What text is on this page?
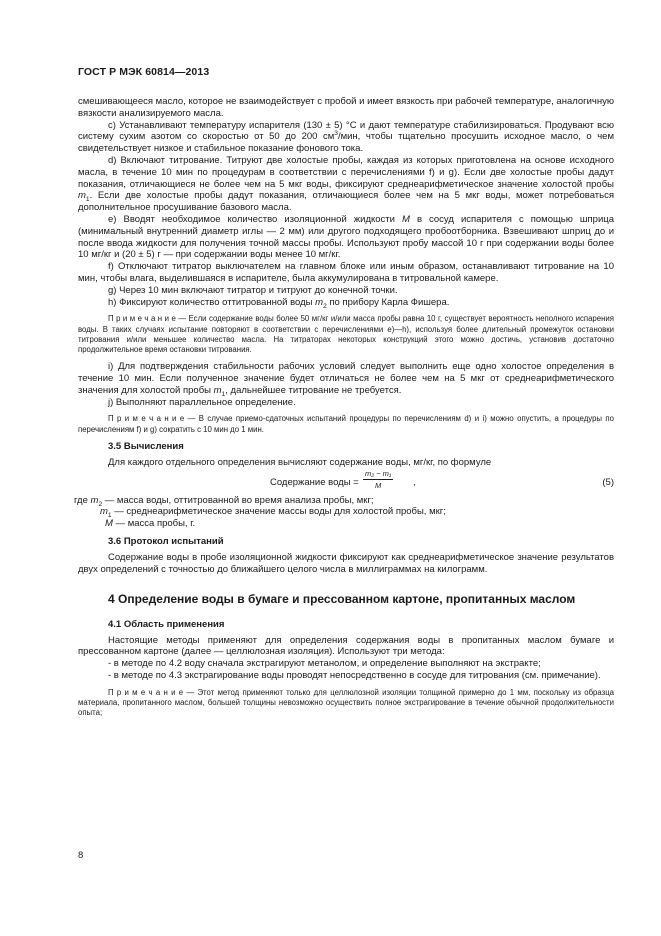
ГОСТ Р МЭК 60814—2013

смешивающееся масло, которое не взаимодействует с пробой и имеет вязкость при рабочей температуре, аналогичную вязкости анализируемого масла.

c) Устанавливают температуру испарителя (130 ± 5) °С и дают температуре стабилизироваться. Продувают всю систему сухим азотом со скоростью от 50 до 200 $см^3$/мин, чтобы тщательно просушить исходное масло, о чем свидетельствует низкое и стабильное показание фонового тока.

d) Включают титрование. Титруют две холостые пробы, каждая из которых приготовлена на основе исходного масла, в течение 10 мин по процедурам в соответствии с перечислениями f) и g). Если две холостые пробы дадут показания, отличающиеся не более чем на 5 мкг воды, фиксируют среднеарифметическое значение холостой пробы $m_1$. Если две холостые пробы дадут показания, отличающиеся более чем на 5 мкг воды, может потребоваться дополнительное просушивание базового масла.

e) Вводят необходимое количество изоляционной жидкости М в сосуд испарителя с помощью шприца (минимальный внутренний диаметр иглы — 2 мм) или другого подходящего пробоотборника. Взвешивают шприц до и после ввода жидкости для получения точной массы пробы. Используют пробу массой 10 г при содержании воды более 10 мг/кг и (20 ± 5) г — при содержании воды менее 10 мг/кг.

f) Отключают титратор выключателем на главном блоке или иным образом, останавливают титрование на 10 мин, чтобы влага, выделившаяся в испарителе, была аккумулирована в титровальной камере.

g) Через 10 мин включают титратор и титруют до конечной точки.

h) Фиксируют количество оттитрованной воды $m_2$ по прибору Карла Фишера.

П р и м е ч а н и е — Если содержание воды более 50 мг/кг и/или масса пробы равна 10 г, существует вероятность неполного испарения воды. В таких случаях испытание повторяют в соответствии с перечислениями е)—h), используя более длительный промежуток остановки титрования и/или меньшее количество масла. На титраторах некоторых конструкций этого можно достичь, установив достаточно продолжительное время остановки титрования.

i) Для подтверждения стабильности рабочих условий следует выполнить еще одно холостое определения в течение 10 мин. Если полученное значение будет отличаться не более чем на 5 мкг от среднеарифметического значения для холостой пробы $m_1$, дальнейшее титрование не требуется.

j) Выполняют параллельное определение.

П р и м е ч а н и е — В случае приемо-сдаточных испытаний процедуры по перечислениям d) и i) можно опустить, а процедуры по перечислениям f) и g) сократить с 10 мин до 1 мин.

3.5 Вычисления

Для каждого отдельного определения вычисляют содержание воды, мг/кг, по формуле

Содержание воды = $\frac{\text{m₂ − m₁}}{M}$ ,	(5)

где $m_2$ — масса воды, оттитрованной во время анализа пробы, мкг;

$m_1$ — среднеарифметическое значение массы воды для холостой пробы, мкг;

М — масса пробы, г.

3.6 Протокол испытаний

Содержание воды в пробе изоляционной жидкости фиксируют как среднеарифметическое значение результатов двух определений с точностью до ближайшего целого числа в миллиграммах на килограмм.

4 Определение воды в бумаге и прессованном картоне, пропитанных маслом

4.1 Область применения

Настоящие методы применяют для определения содержания воды в пропитанных маслом бумаге и прессованном картоне (далее — целлюлозная изоляция). Используют три метода:

- в методе по 4.2 воду сначала экстрагируют метанолом, и определение выполняют на экстракте;

- в методе по 4.3 экстрагирование воды проводят непосредственно в сосуде для титрования (см. примечание).

П р и м е ч а н и е — Этот метод применяют только для целлюлозной изоляции толщиной примерно до 1 мм, поскольку из образца материала, пропитанного маслом, большей толщины невозможно осуществить полное экстрагирование в течение обычной продолжительности опыта;

8
